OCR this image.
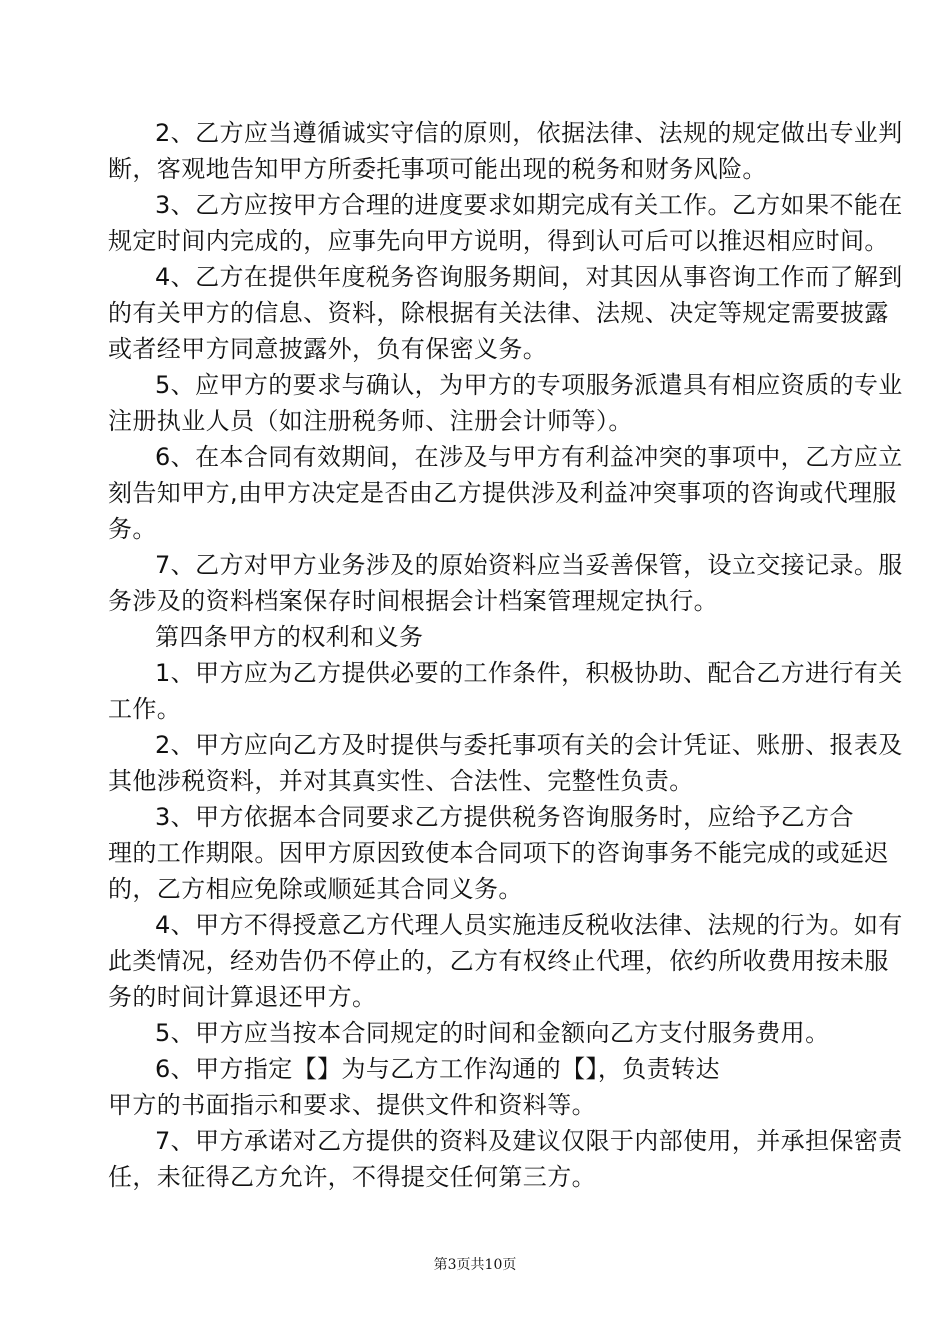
2、乙方应当遵循诚实守信的原则，依据法律、法规的规定做出专业判
断，客观地告知甲方所委托事项可能出现的税务和财务风险。
3、乙方应按甲方合理的进度要求如期完成有关工作。乙方如果不能在
规定时间内完成的，应事先向甲方说明，得到认可后可以推迟相应时间。
4、乙方在提供年度税务咨询服务期间，对其因从事咨询工作而了解到
的有关甲方的信息、资料，除根据有关法律、法规、决定等规定需要披露
或者经甲方同意披露外，负有保密义务。
5、应甲方的要求与确认，为甲方的专项服务派遣具有相应资质的专业
注册执业人员（如注册税务师、注册会计师等）。
6、在本合同有效期间，在涉及与甲方有利益冲突的事项中，乙方应立
刻告知甲方,由甲方决定是否由乙方提供涉及利益冲突事项的咨询或代理服
务。
7、乙方对甲方业务涉及的原始资料应当妥善保管，设立交接记录。服
务涉及的资料档案保存时间根据会计档案管理规定执行。
第四条甲方的权利和义务
1、甲方应为乙方提供必要的工作条件，积极协助、配合乙方进行有关
工作。
2、甲方应向乙方及时提供与委托事项有关的会计凭证、账册、报表及
其他涉税资料，并对其真实性、合法性、完整性负责。
3、甲方依据本合同要求乙方提供税务咨询服务时，应给予乙方合
理的工作期限。因甲方原因致使本合同项下的咨询事务不能完成的或延迟
的，乙方相应免除或顺延其合同义务。
4、甲方不得授意乙方代理人员实施违反税收法律、法规的行为。如有
此类情况，经劝告仍不停止的，乙方有权终止代理，依约所收费用按未服
务的时间计算退还甲方。
5、甲方应当按本合同规定的时间和金额向乙方支付服务费用。
6、甲方指定【】为与乙方工作沟通的【】，负责转达
甲方的书面指示和要求、提供文件和资料等。
7、甲方承诺对乙方提供的资料及建议仅限于内部使用，并承担保密责
任，未征得乙方允许，不得提交任何第三方。
第3页共10页
